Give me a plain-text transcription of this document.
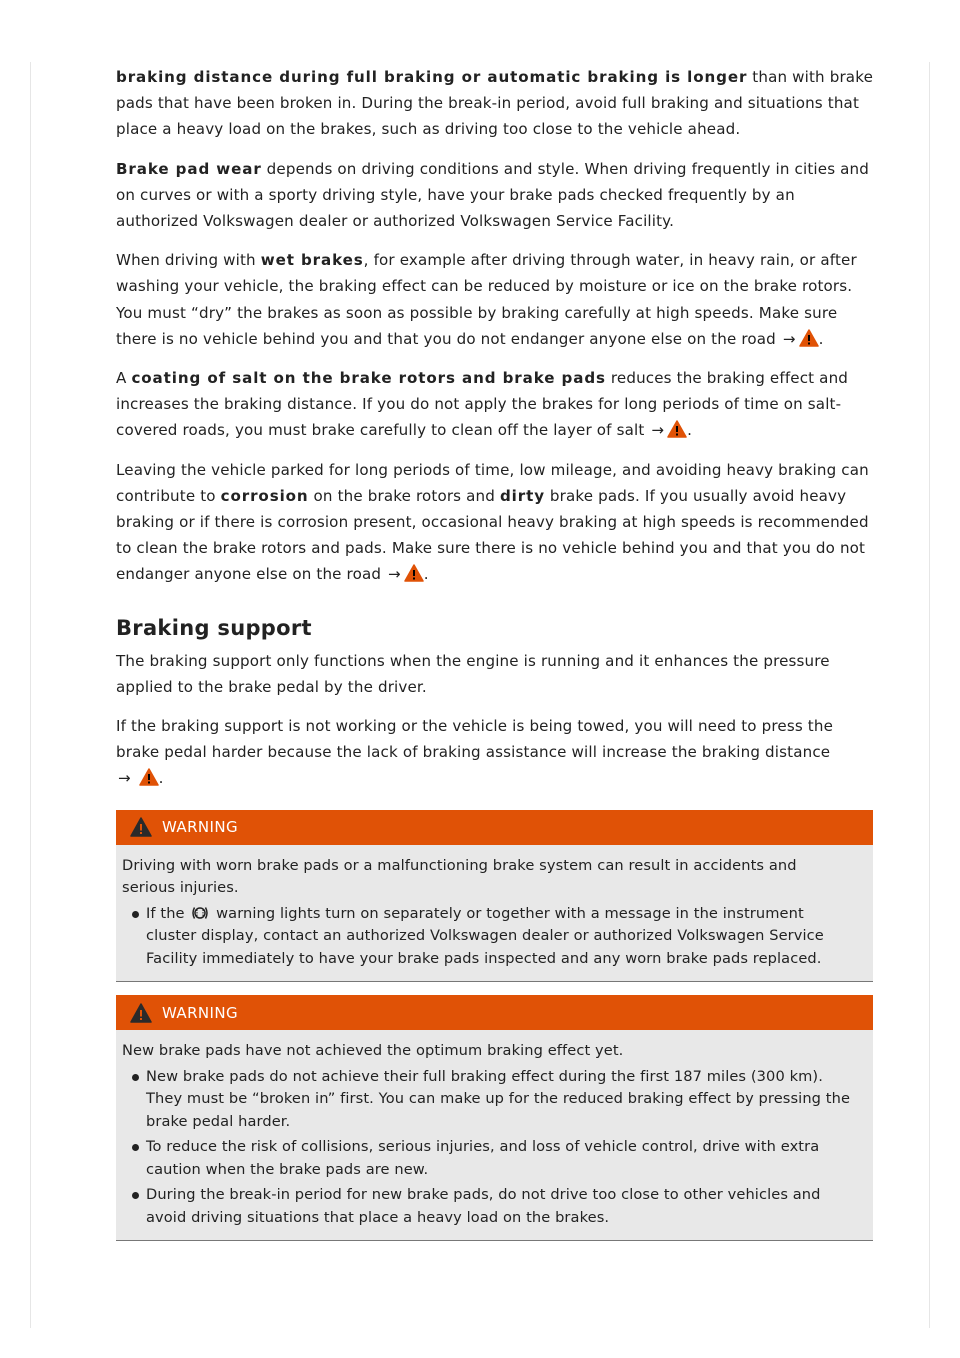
braking distance during full braking or automatic braking is longer than with brake pads that have been broken in. During the break-in period, avoid full braking and situations that place a heavy load on the brakes, such as driving too close to the vehicle ahead.

Brake pad wear depends on driving conditions and style. When driving frequently in cities and on curves or with a sporty driving style, have your brake pads checked frequently by an authorized Volkswagen dealer or authorized Volkswagen Service Facility.

When driving with wet brakes, for example after driving through water, in heavy rain, or after washing your vehicle, the braking effect can be reduced by moisture or ice on the brake rotors. You must “dry” the brakes as soon as possible by braking carefully at high speeds. Make sure there is no vehicle behind you and that you do not endanger anyone else on the road → .

A coating of salt on the brake rotors and brake pads reduces the braking effect and increases the braking distance. If you do not apply the brakes for long periods of time on salt-covered roads, you must brake carefully to clean off the layer of salt → .

Leaving the vehicle parked for long periods of time, low mileage, and avoiding heavy braking can contribute to corrosion on the brake rotors and dirty brake pads. If you usually avoid heavy braking or if there is corrosion present, occasional heavy braking at high speeds is recommended to clean the brake rotors and pads. Make sure there is no vehicle behind you and that you do not endanger anyone else on the road → .

Braking support

The braking support only functions when the engine is running and it enhances the pressure applied to the brake pedal by the driver.

If the braking support is not working or the vehicle is being towed, you will need to press the brake pedal harder because the lack of braking assistance will increase the braking distance → .

WARNING

Driving with worn brake pads or a malfunctioning brake system can result in accidents and serious injuries.

If the  warning lights turn on separately or together with a message in the instrument cluster display, contact an authorized Volkswagen dealer or authorized Volkswagen Service Facility immediately to have your brake pads inspected and any worn brake pads replaced.
WARNING

New brake pads have not achieved the optimum braking effect yet.

New brake pads do not achieve their full braking effect during the first 187 miles (300 km). They must be “broken in” first. You can make up for the reduced braking effect by pressing the brake pedal harder.
To reduce the risk of collisions, serious injuries, and loss of vehicle control, drive with extra caution when the brake pads are new.
During the break-in period for new brake pads, do not drive too close to other vehicles and avoid driving situations that place a heavy load on the brakes.
